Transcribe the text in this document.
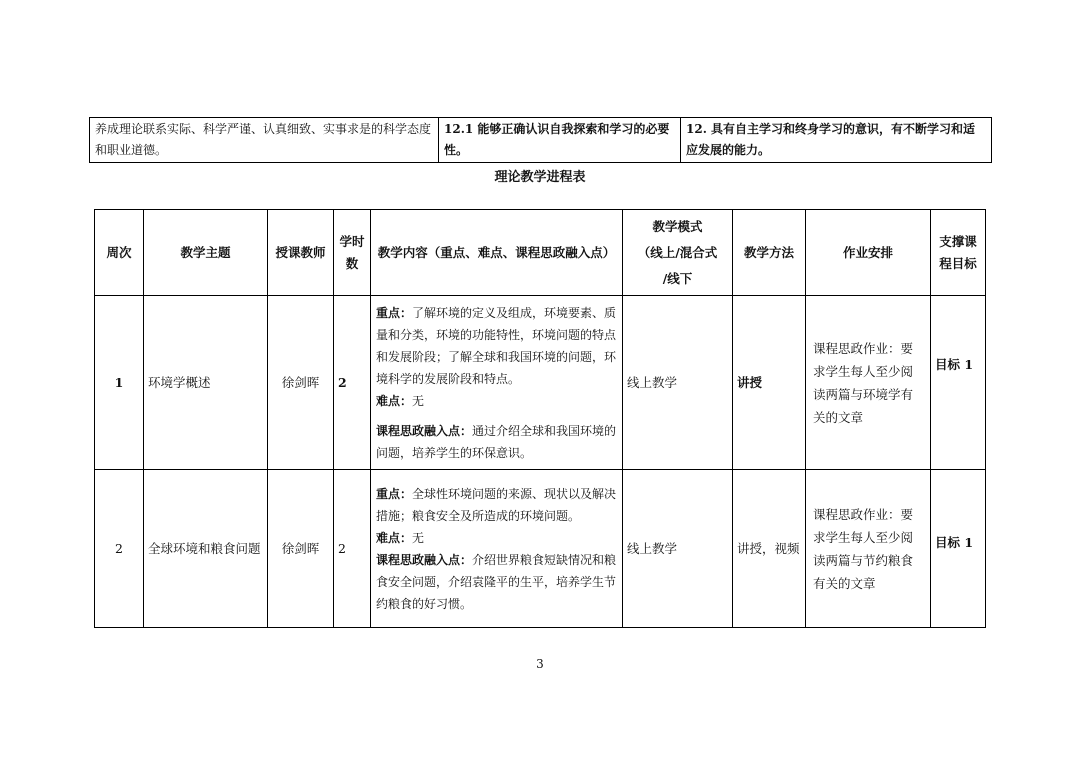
养成理论联系实际、科学严谨、认真细致、实事求是的科学态度和职业道德。	12.1 能够正确认识自我探索和学习的必要性。	12. 具有自主学习和终身学习的意识，有不断学习和适应发展的能力。
理论教学进程表
周次	教学主题	授课教师	学时数	教学内容（重点、难点、课程思政融入点）	教学模式
（线上/混合式
/线下	教学方法	作业安排	支撑课程目标
1	环境学概述	徐剑晖	2	重点：了解环境的定义及组成，环境要素、质量和分类，环境的功能特性，环境问题的特点和发展阶段；了解全球和我国环境的问题，环境科学的发展阶段和特点。
难点：无
课程思政融入点：通过介绍全球和我国环境的问题，培养学生的环保意识。	线上教学	讲授	课程思政作业：要求学生每人至少阅读两篇与环境学有关的文章	目标 1
2	全球环境和粮食问题	徐剑晖	2	重点：全球性环境问题的来源、现状以及解决措施；粮食安全及所造成的环境问题。
难点：无
课程思政融入点：介绍世界粮食短缺情况和粮食安全问题，介绍袁隆平的生平，培养学生节约粮食的好习惯。	线上教学	讲授，视频	课程思政作业：要求学生每人至少阅读两篇与节约粮食有关的文章	目标 1
3
